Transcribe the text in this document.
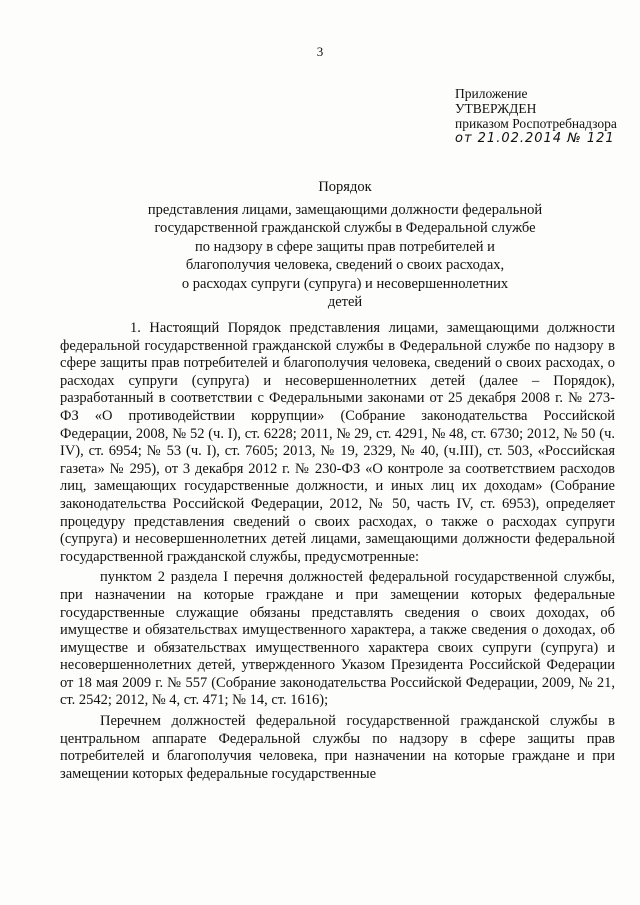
3
Приложение
УТВЕРЖДЕН
приказом Роспотребнадзора
от 21.02.2014 № 121
Порядок
представления лицами, замещающими должности федеральной
государственной гражданской службы в Федеральной службе
по надзору в сфере защиты прав потребителей и
благополучия человека, сведений о своих расходах,
о расходах супруги (супруга) и несовершеннолетних
детей

1. Настоящий Порядок представления лицами, замещающими должности федеральной государственной гражданской службы в Федеральной службе по надзору в сфере защиты прав потребителей и благополучия человека, сведений о своих расходах, о расходах супруги (супруга) и несовершеннолетних детей (далее – Порядок), разработанный в соответствии с Федеральными законами от 25 декабря 2008 г. № 273-ФЗ «О противодействии коррупции» (Собрание законодательства Российской Федерации, 2008, № 52 (ч. I), ст. 6228; 2011, № 29, ст. 4291, № 48, ст. 6730; 2012, № 50 (ч. IV), ст. 6954; № 53 (ч. I), ст. 7605; 2013, № 19, 2329, № 40, (ч.III), ст. 503, «Российская газета» № 295), от 3 декабря 2012 г. № 230-ФЗ «О контроле за соответствием расходов лиц, замещающих государственные должности, и иных лиц их доходам» (Собрание законодательства Российской Федерации, 2012, № 50, часть IV, ст. 6953), определяет процедуру представления сведений о своих расходах, о также о расходах супруги (супруга) и несовершеннолетних детей лицами, замещающими должности федеральной государственной гражданской службы, предусмотренные:

пунктом 2 раздела I перечня должностей федеральной государственной службы, при назначении на которые граждане и при замещении которых федеральные государственные служащие обязаны представлять сведения о своих доходах, об имуществе и обязательствах имущественного характера, а также сведения о доходах, об имуществе и обязательствах имущественного характера своих супруги (супруга) и несовершеннолетних детей, утвержденного Указом Президента Российской Федерации от 18 мая 2009 г. № 557 (Собрание законодательства Российской Федерации, 2009, № 21, ст. 2542; 2012, № 4, ст. 471; № 14, ст. 1616);

Перечнем должностей федеральной государственной гражданской службы в центральном аппарате Федеральной службы по надзору в сфере защиты прав потребителей и благополучия человека, при назначении на которые граждане и при замещении которых федеральные государственные
